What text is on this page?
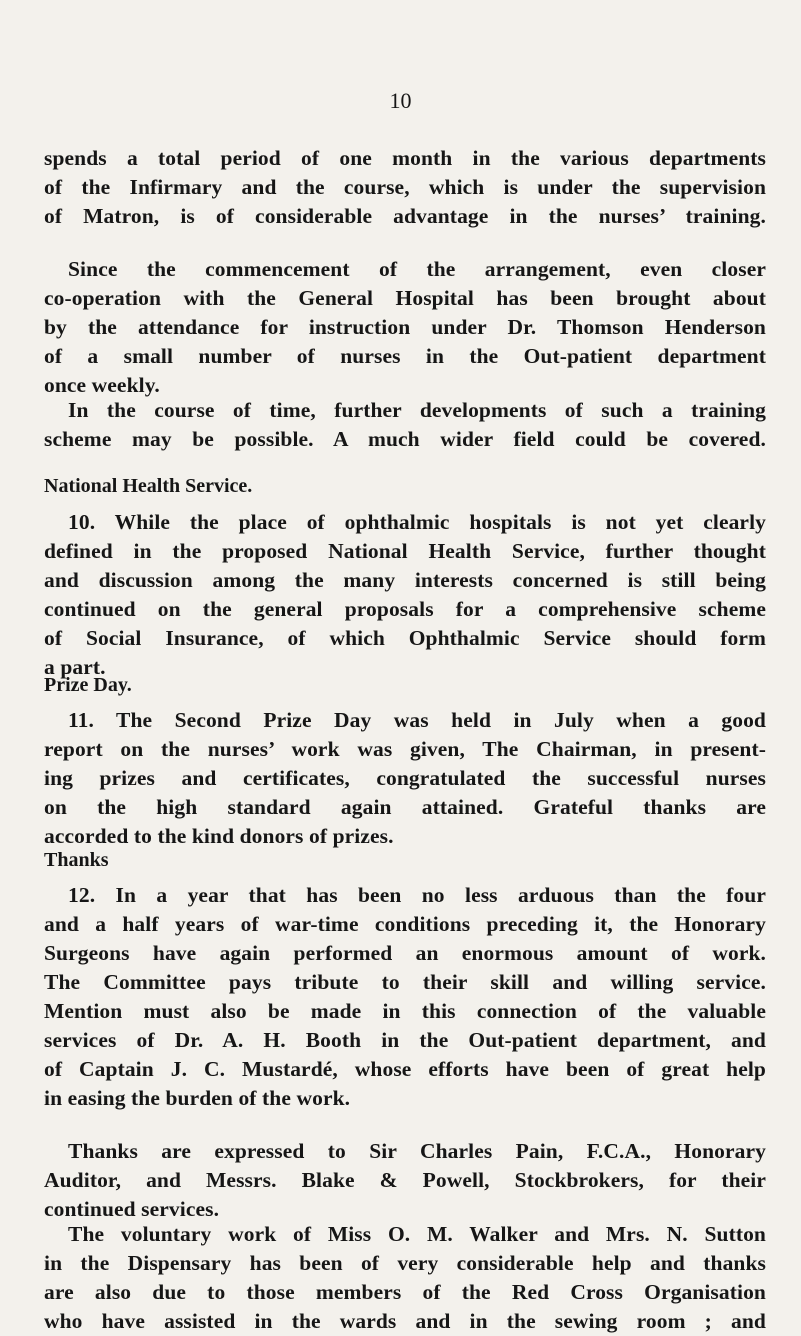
10

spends a total period of one month in the various departments
of the Infirmary and the course, which is under the supervision
of Matron, is of considerable advantage in the nurses’ training.

Since the commencement of the arrangement, even closer
co-operation with the General Hospital has been brought about
by the attendance for instruction under Dr. Thomson Henderson
of a small number of nurses in the Out-patient department
once weekly.

In the course of time, further developments of such a training
scheme may be possible. A much wider field could be covered.

National Health Service.

10. While the place of ophthalmic hospitals is not yet clearly
defined in the proposed National Health Service, further thought
and discussion among the many interests concerned is still being
continued on the general proposals for a comprehensive scheme
of Social Insurance, of which Ophthalmic Service should form
a part.

Prize Day.

11. The Second Prize Day was held in July when a good
report on the nurses’ work was given, The Chairman, in present-
ing prizes and certificates, congratulated the successful nurses
on the high standard again attained. Grateful thanks are
accorded to the kind donors of prizes.

Thanks

12. In a year that has been no less arduous than the four
and a half years of war-time conditions preceding it, the Honorary
Surgeons have again performed an enormous amount of work.
The Committee pays tribute to their skill and willing service.
Mention must also be made in this connection of the valuable
services of Dr. A. H. Booth in the Out-patient department, and
of Captain J. C. Mustardé, whose efforts have been of great help
in easing the burden of the work.

Thanks are expressed to Sir Charles Pain, F.C.A., Honorary
Auditor, and Messrs. Blake & Powell, Stockbrokers, for their
continued services.

The voluntary work of Miss O. M. Walker and Mrs. N. Sutton
in the Dispensary has been of very considerable help and thanks
are also due to those members of the Red Cross Organisation
who have assisted in the wards and in the sewing room ; and
